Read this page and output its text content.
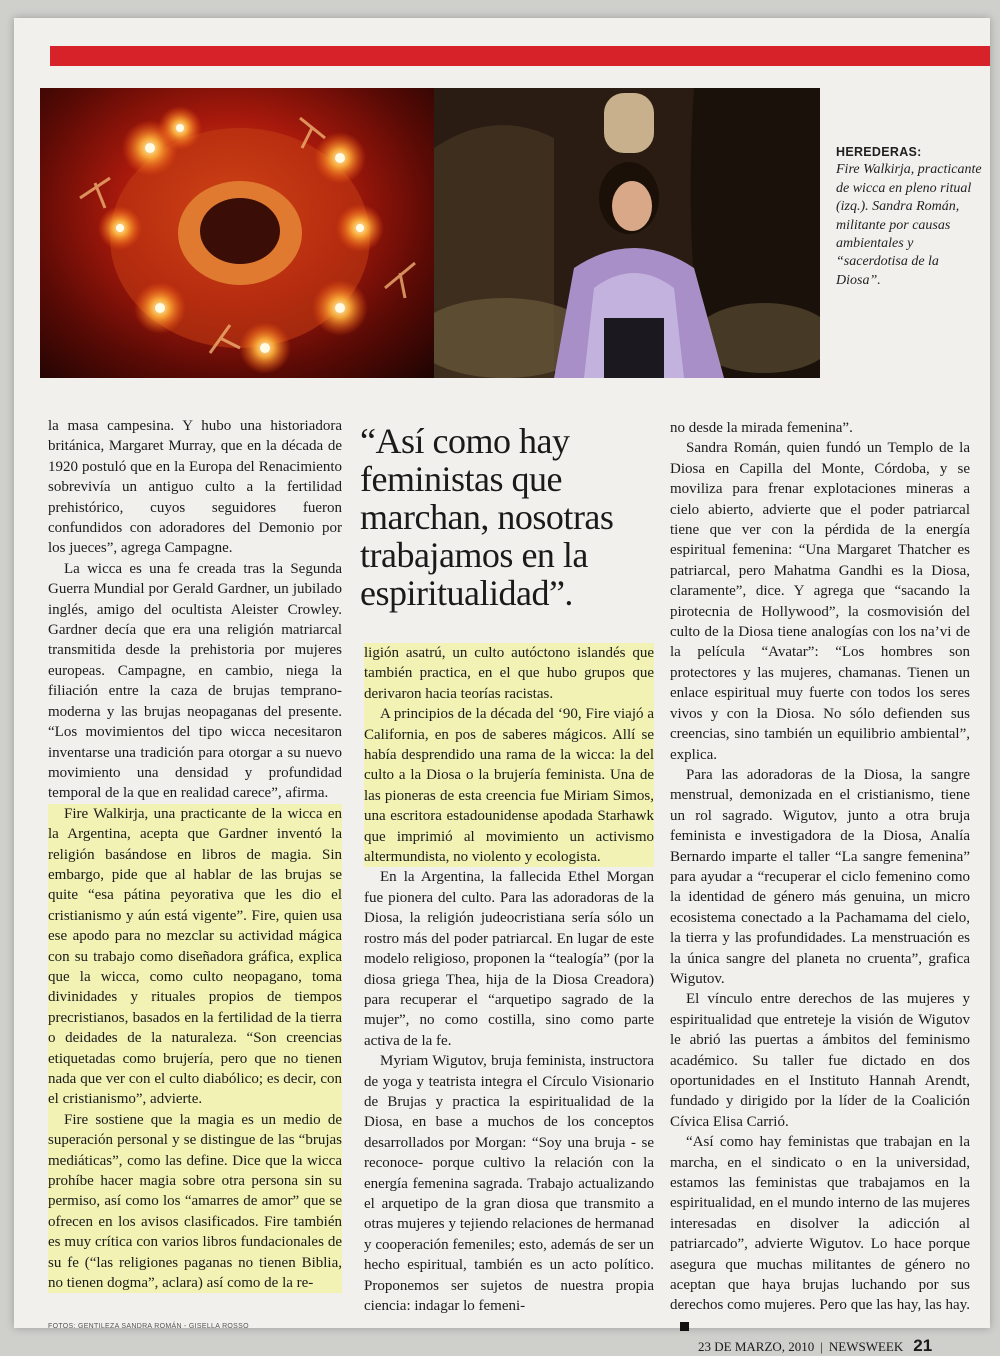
HEREDERAS:
Fire Walkirja, practicante de wicca en pleno ritual (izq.). Sandra Román, militante por causas ambientales y “sacerdotisa de la Diosa”.

la masa campesina. Y hubo una historiadora británica, Margaret Murray, que en la década de 1920 postuló que en la Europa del Renacimiento sobrevivía un antiguo culto a la fertilidad prehistórico, cuyos seguidores fueron confundidos con adoradores del Demonio por los jueces”, agrega Campagne.

La wicca es una fe creada tras la Segunda Guerra Mundial por Gerald Gardner, un jubilado inglés, amigo del ocultista Aleister Crowley. Gardner decía que era una religión matriarcal transmitida desde la prehistoria por mujeres europeas. Campagne, en cambio, niega la filiación entre la caza de brujas temprano-moderna y las brujas neopaganas del presente. “Los movimientos del tipo wicca necesitaron inventarse una tradición para otorgar a su nuevo movimiento una densidad y profundidad temporal de la que en realidad carece”, afirma.

Fire Walkirja, una practicante de la wicca en la Argentina, acepta que Gardner inventó la religión basándose en libros de magia. Sin embargo, pide que al hablar de las brujas se quite “esa pátina peyorativa que les dio el cristianismo y aún está vigente”. Fire, quien usa ese apodo para no mezclar su actividad mágica con su trabajo como diseñadora gráfica, explica que la wicca, como culto neopagano, toma divinidades y rituales propios de tiempos precristianos, basados en la fertilidad de la tierra o deidades de la naturaleza. “Son creencias etiquetadas como brujería, pero que no tienen nada que ver con el culto diabólico; es decir, con el cristianismo”, advierte.

Fire sostiene que la magia es un medio de superación personal y se distingue de las “brujas mediáticas”, como las define. Dice que la wicca prohíbe hacer magia sobre otra persona sin su permiso, así como los “amarres de amor” que se ofrecen en los avisos clasificados. Fire también es muy crítica con varios libros fundacionales de su fe (“las religiones paganas no tienen Biblia, no tienen dogma”, aclara) así como de la re-

“Así como hay feministas que marchan, nosotras trabajamos en la espiritualidad”.

ligión asatrú, un culto autóctono islandés que también practica, en el que hubo grupos que derivaron hacia teorías racistas.

A principios de la década del ‘90, Fire viajó a California, en pos de saberes mágicos. Allí se había desprendido una rama de la wicca: la del culto a la Diosa o la brujería feminista. Una de las pioneras de esta creencia fue Miriam Simos, una escritora estadounidense apodada Starhawk que imprimió al movimiento un activismo altermundista, no violento y ecologista.

En la Argentina, la fallecida Ethel Morgan fue pionera del culto. Para las adoradoras de la Diosa, la religión judeocristiana sería sólo un rostro más del poder patriarcal. En lugar de este modelo religioso, proponen la “tealogía” (por la diosa griega Thea, hija de la Diosa Creadora) para recuperar el “arquetipo sagrado de la mujer”, no como costilla, sino como parte activa de la fe.

Myriam Wigutov, bruja feminista, instructora de yoga y teatrista integra el Círculo Visionario de Brujas y practica la espiritualidad de la Diosa, en base a muchos de los conceptos desarrollados por Morgan: “Soy una bruja - se reconoce- porque cultivo la relación con la energía femenina sagrada. Trabajo actualizando el arquetipo de la gran diosa que transmito a otras mujeres y tejiendo relaciones de hermanad y cooperación femeniles; esto, además de ser un hecho espiritual, también es un acto político. Proponemos ser sujetos de nuestra propia ciencia: indagar lo femeni-

no desde la mirada femenina”.

Sandra Román, quien fundó un Templo de la Diosa en Capilla del Monte, Córdoba, y se moviliza para frenar explotaciones mineras a cielo abierto, advierte que el poder patriarcal tiene que ver con la pérdida de la energía espiritual femenina: “Una Margaret Thatcher es patriarcal, pero Mahatma Gandhi es la Diosa, claramente”, dice. Y agrega que “sacando la pirotecnia de Hollywood”, la cosmovisión del culto de la Diosa tiene analogías con los na’vi de la película “Avatar”: “Los hombres son protectores y las mujeres, chamanas. Tienen un enlace espiritual muy fuerte con todos los seres vivos y con la Diosa. No sólo defienden sus creencias, sino también un equilibrio ambiental”, explica.

Para las adoradoras de la Diosa, la sangre menstrual, demonizada en el cristianismo, tiene un rol sagrado. Wigutov, junto a otra bruja feminista e investigadora de la Diosa, Analía Bernardo imparte el taller “La sangre femenina” para ayudar a “recuperar el ciclo femenino como la identidad de género más genuina, un micro ecosistema conectado a la Pachamama del cielo, la tierra y las profundidades. La menstruación es la única sangre del planeta no cruenta”, grafica Wigutov.

El vínculo entre derechos de las mujeres y espiritualidad que entreteje la visión de Wigutov le abrió las puertas a ámbitos del feminismo académico. Su taller fue dictado en dos oportunidades en el Instituto Hannah Arendt, fundado y dirigido por la líder de la Coalición Cívica Elisa Carrió.

“Así como hay feministas que trabajan en la marcha, en el sindicato o en la universidad, estamos las feministas que trabajamos en la espiritualidad, en el mundo interno de las mujeres interesadas en disolver la adicción al patriarcado”, advierte Wigutov. Lo hace porque asegura que muchas militantes de género no aceptan que haya brujas luchando por sus derechos como mujeres. Pero que las hay, las hay.

FOTOS: GENTILEZA SANDRA ROMÁN - GISELLA ROSSO
23 DE MARZO, 2010 | NEWSWEEK 21
